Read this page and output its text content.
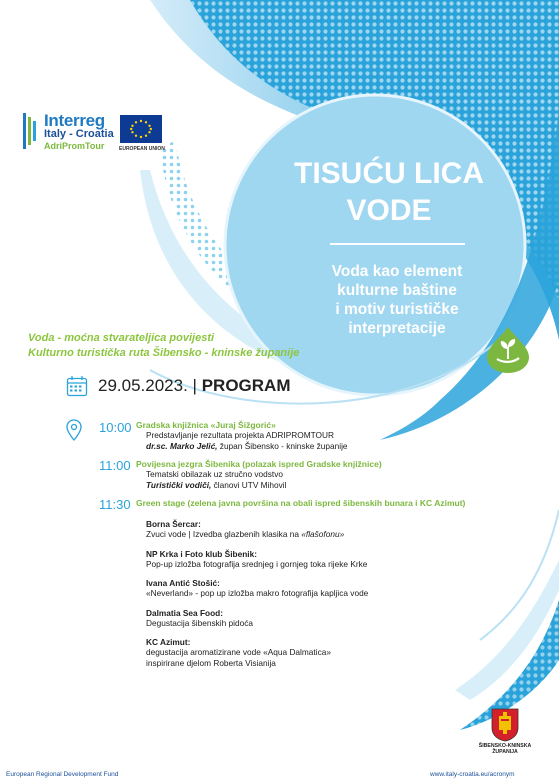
Interreg
Italy - Croatia
AdriPromTour	EUROPEAN UNION
TISUĆU LICA
VODE
Voda kao element
kulturne baštine
i motiv turističke
interpretacije
Voda - moćna stvarateljica povijesti
Kulturno turistička ruta Šibensko - kninske županije
29.05.2023. | PROGRAM
10:00 Gradska knjižnica «Juraj Šižgorić»
Predstavljanje rezultata projekta ADRIPROMTOUR
dr.sc. Marko Jelić, župan Šibensko - kninske županije
11:00 Povijesna jezgra Šibenika (polazak ispred Gradske knjižnice)
Tematski obilazak uz stručno vodstvo
Turistički vodiči, članovi UTV Mihovil
11:30 Green stage (zelena javna površina na obali ispred šibenskih bunara i KC Azimut)
Borna Šercar:
Zvuci vode | Izvedba glazbenih klasika na «flašofonu»
NP Krka i Foto klub Šibenik:
Pop-up izložba fotografija srednjeg i gornjeg toka rijeke Krke
Ivana Antić Stošić:
«Neverland» - pop up izložba makro fotografija kapljica vode
Dalmatia Sea Food:
Degustacija šibenskih pidoća
KC Azimut:
degustacija aromatizirane vode «Aqua Dalmatica»
inspirirane djelom Roberta Visianija
ŠIBENSKO-KNINSKA
ŽUPANIJA
European Regional Development Fund	www.italy-croatia.eu/acronym
